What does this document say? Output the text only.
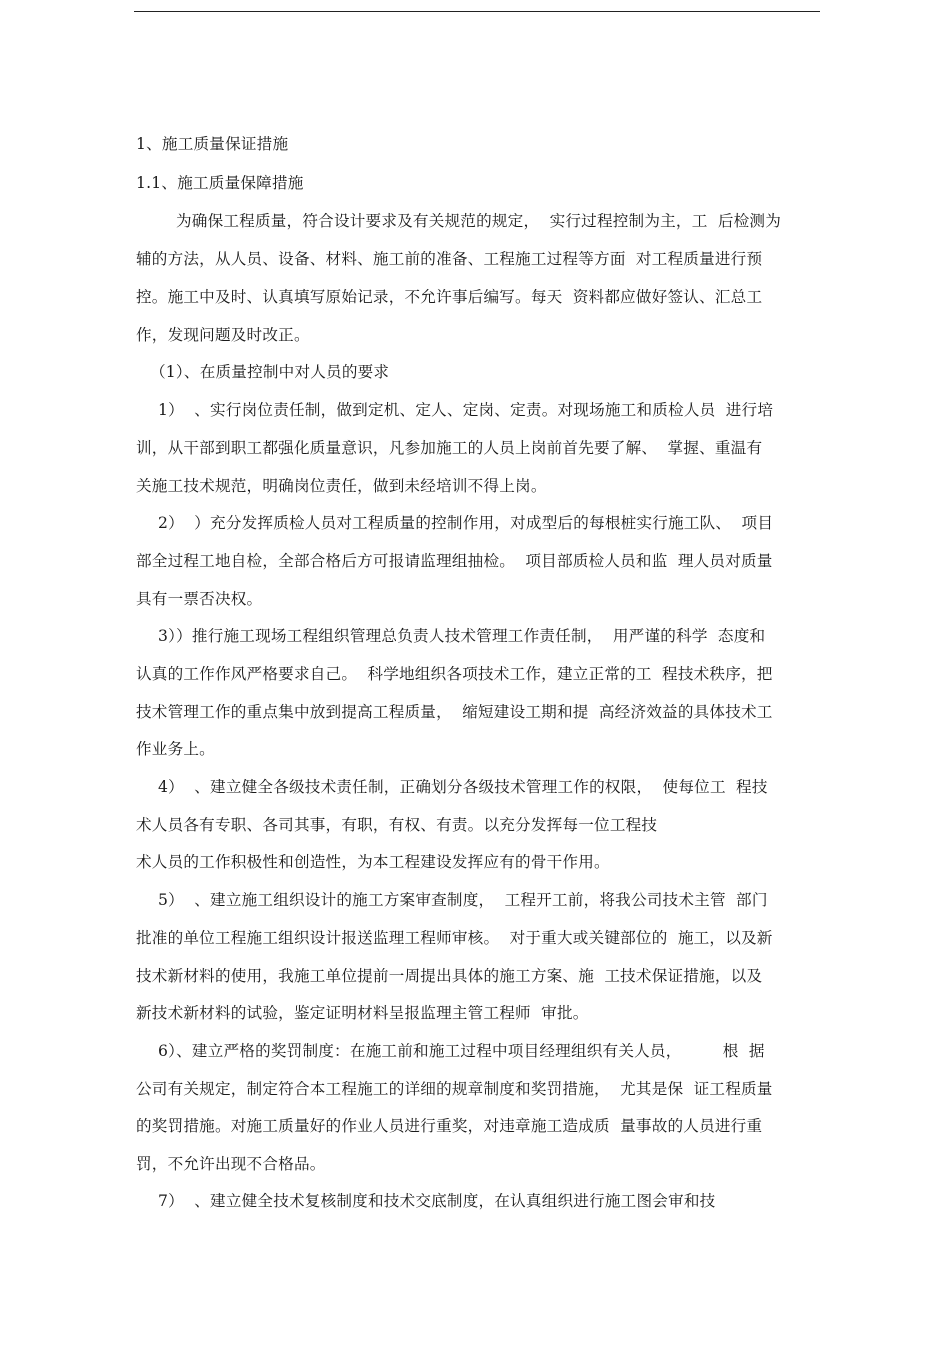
1、施工质量保证措施
1.1、施工质量保障措施
为确保工程质量，符合设计要求及有关规范的规定，  实行过程控制为主，工  后检测为
辅的方法，从人员、设备、材料、施工前的准备、工程施工过程等方面  对工程质量进行预
控。施工中及时、认真填写原始记录，不允许事后编写。每天  资料都应做好签认、汇总工
作，发现问题及时改正。
（1）、在质量控制中对人员的要求
1）  、实行岗位责任制，做到定机、定人、定岗、定责。对现场施工和质检人员  进行培
训，从干部到职工都强化质量意识，凡参加施工的人员上岗前首先要了解、  掌握、重温有
关施工技术规范，明确岗位责任，做到未经培训不得上岗。
2）  ）充分发挥质检人员对工程质量的控制作用，对成型后的每根桩实行施工队、  项目
部全过程工地自检，全部合格后方可报请监理组抽检。  项目部质检人员和监  理人员对质量
具有一票否决权。
3））推行施工现场工程组织管理总负责人技术管理工作责任制，  用严谨的科学  态度和
认真的工作作风严格要求自己。  科学地组织各项技术工作，建立正常的工  程技术秩序，把
技术管理工作的重点集中放到提高工程质量，  缩短建设工期和提  高经济效益的具体技术工
作业务上。
4）  、建立健全各级技术责任制，正确划分各级技术管理工作的权限，  使每位工  程技
术人员各有专职、各司其事，有职，有权、有责。以充分发挥每一位工程技
术人员的工作积极性和创造性，为本工程建设发挥应有的骨干作用。
5）  、建立施工组织设计的施工方案审查制度，  工程开工前，将我公司技术主管  部门
批准的单位工程施工组织设计报送监理工程师审核。  对于重大或关键部位的  施工，以及新
技术新材料的使用，我施工单位提前一周提出具体的施工方案、施  工技术保证措施，以及
新技术新材料的试验，鉴定证明材料呈报监理主管工程师  审批。
6）、建立严格的奖罚制度：在施工前和施工过程中项目经理组织有关人员，        根  据
公司有关规定，制定符合本工程施工的详细的规章制度和奖罚措施，  尤其是保  证工程质量
的奖罚措施。对施工质量好的作业人员进行重奖，对违章施工造成质  量事故的人员进行重
罚，不允许出现不合格品。
7）  、建立健全技术复核制度和技术交底制度，在认真组织进行施工图会审和技
